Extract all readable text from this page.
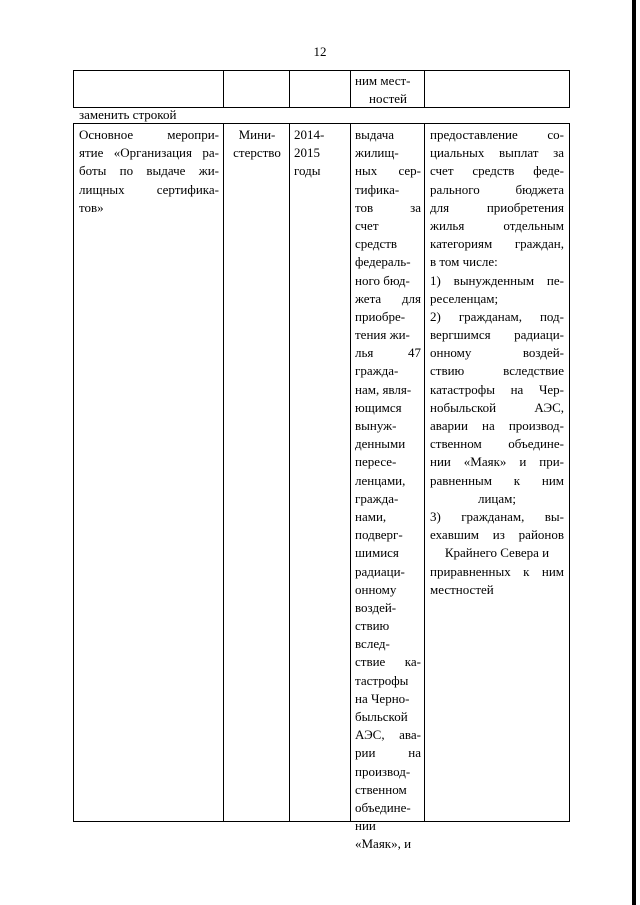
12
ним мест-
ностей
заменить строкой
Основное меропри-
ятие «Организация ра-
боты по выдаче жи-
лищных сертифика-
тов»
Мини-
стерство
2014-
2015
годы
выдача
жилищ-
ных сер-
тифика-
тов за
счет
средств
федераль-
ного бюд-
жета для
приобре-
тения жи-
лья 47
гражда-
нам, явля-
ющимся
вынуж-
денными
пересе-
ленцами,
гражда-
нами,
подверг-
шимися
радиаци-
онному
воздей-
ствию
вслед-
ствие ка-
тастрофы
на Черно-
быльской
АЭС, ава-
рии на
производ-
ственном
объедине-
нии
«Маяк», и
предоставление со-
циальных выплат за
счет средств феде-
рального бюджета
для приобретения
жилья отдельным
категориям граждан,
в том числе:
1) вынужденным пе-
реселенцам;
2) гражданам, под-
вергшимся радиаци-
онному воздей-
ствию вследствие
катастрофы на Чер-
нобыльской АЭС,
аварии на производ-
ственном объедине-
нии «Маяк» и при-
равненным к ним
лицам;
3) гражданам, вы-
ехавшим из районов
Крайнего Севера и
приравненных к ним
местностей
